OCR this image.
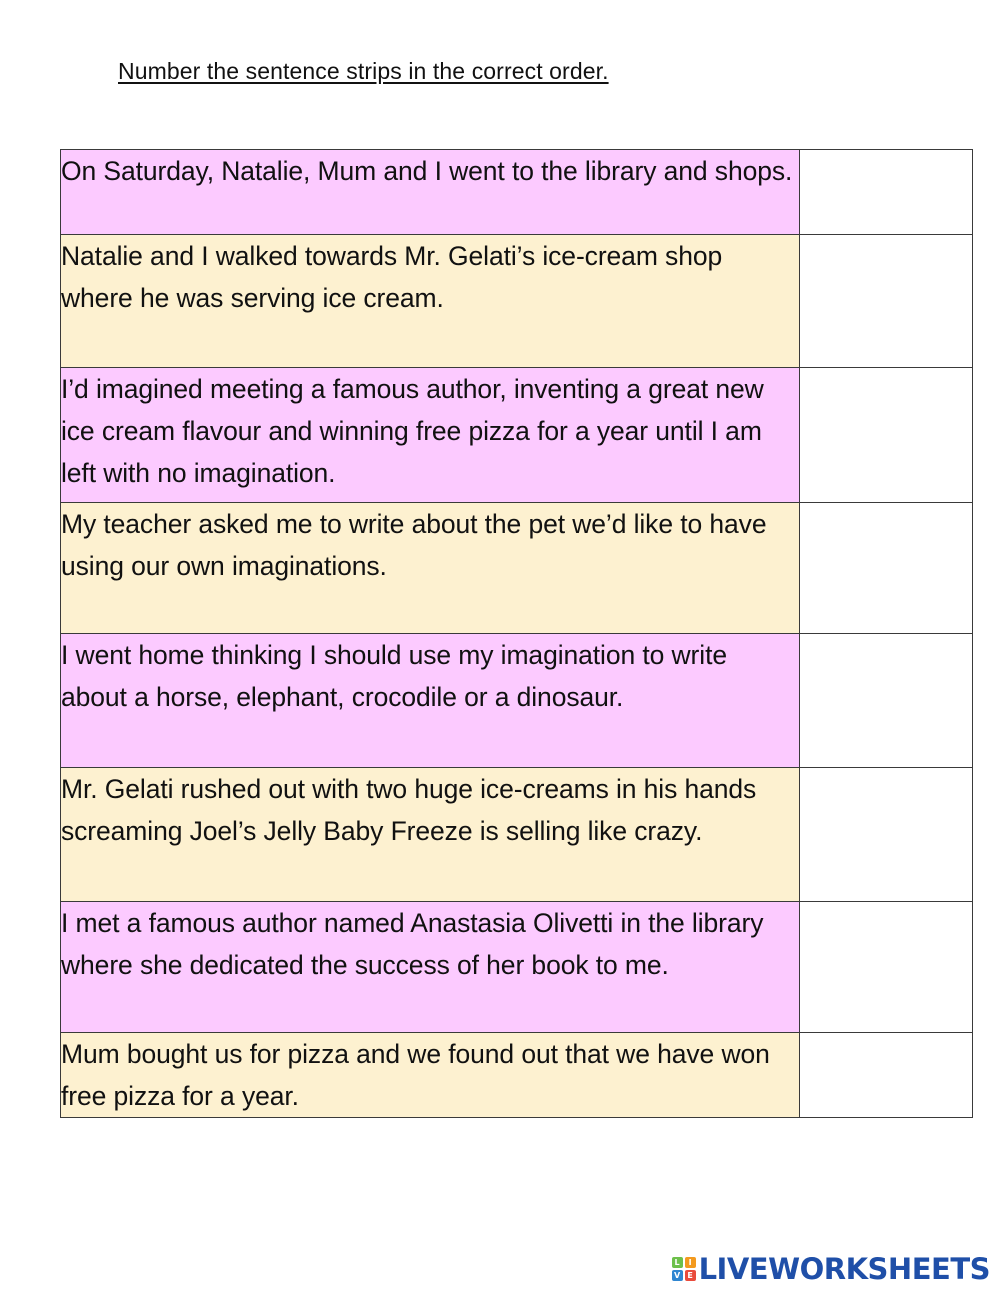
Number the sentence strips in the correct order.
On Saturday, Natalie, Mum and I went to the library and shops.	

Natalie and I walked towards Mr. Gelati’s ice-cream shop where he was serving ice cream.	

I’d imagined meeting a famous author, inventing a great new ice cream flavour and winning free pizza for a year until I am left with no imagination.	

My teacher asked me to write about the pet we’d like to have using our own imaginations.	

I went home thinking I should use my imagination to write about a horse, elephant, crocodile or a dinosaur.	

Mr. Gelati rushed out with two huge ice-creams in his hands screaming Joel’s Jelly Baby Freeze is selling like crazy.	

I met a famous author named Anastasia Olivetti in the library where she dedicated the success of her book to me.	

Mum bought us for pizza and we found out that we have won free pizza for a year.	
L	I
V E LIVEWORKSHEETS
